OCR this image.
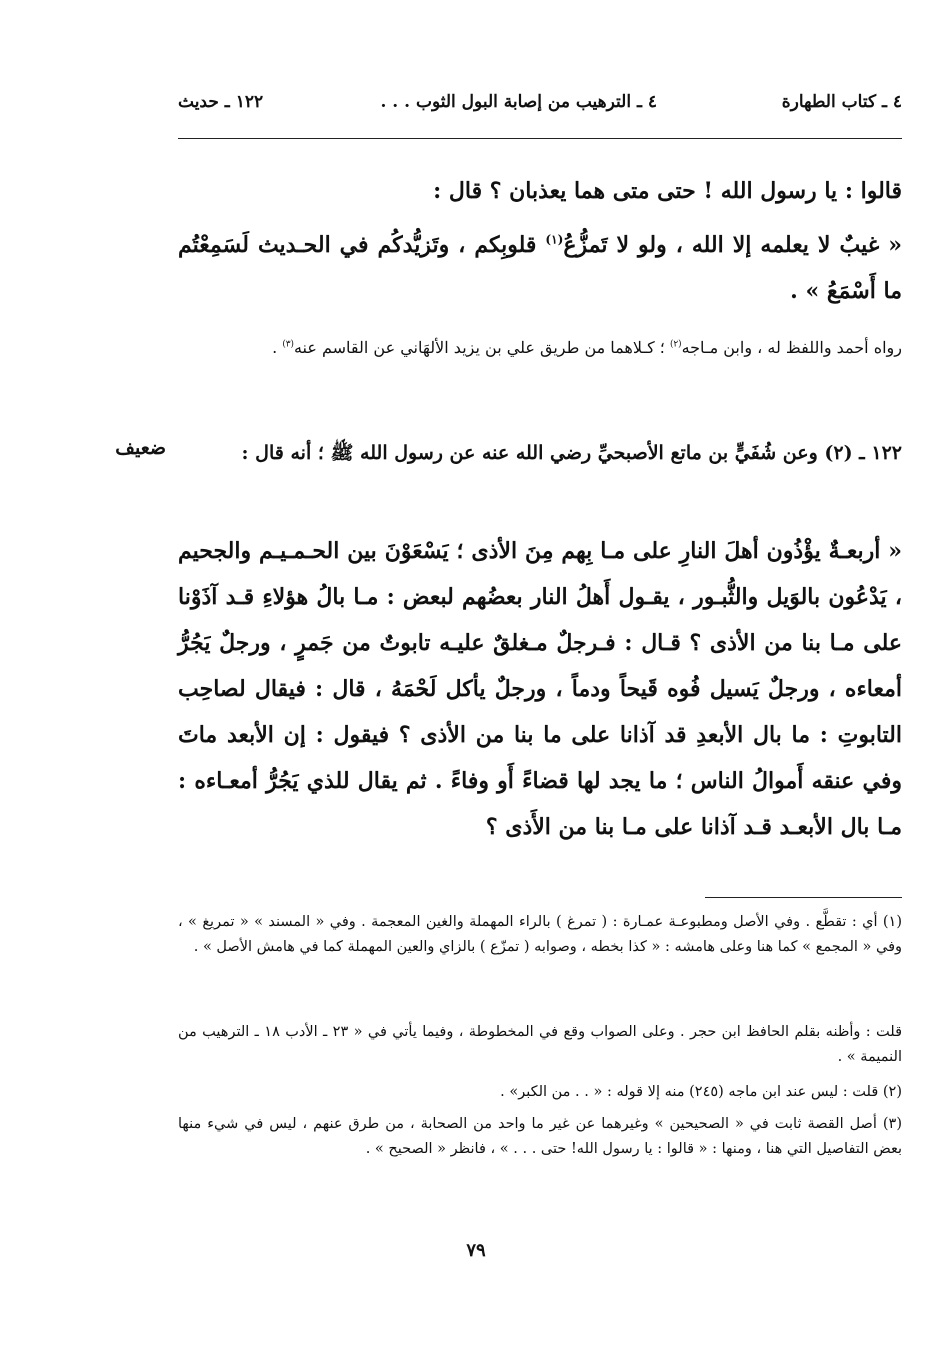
٤ ـ كتاب الطهارة
٤ ـ الترهيب من إصابة البول الثوب . . .
١٢٢ ـ حديث
قالوا : يا رسول الله ! حتى متى هما يعذبان ؟ قال :
« غيبٌ لا يعلمه إلا الله ، ولو لا تَمزُّعُ$^{(١)}$ قلوبِكم ، وتَزيُّدكُم في الحـديث لَسَمِعْتُم ما أَسْمَعُ » .
رواه أحمد واللفظ له ، وابن مـاجه$^{(٢)}$ ؛ كـلاهما من طريق علي بن يزيد الألهَاني عن القاسم عنه$^{(٣)}$ .
١٢٢ ـ (٢) وعن شُفَيٍّ بن ماتع الأصبحيِّ رضي الله عنه عن رسول الله ﷺ ؛ أنه قال :
ضعيف
« أربعـةٌ يؤْذُون أهلَ النارِ على مـا بِهم مِنَ الأذى ؛ يَسْعَوْنَ بين الحـمـيـم والجحيم ، يَدْعُون بالوَيل والثُّبـور ، يقـول أَهلُ النار بعضُهم لبعض : مـا بالُ هؤلاءِ قـد آذَوْنا على مـا بنا من الأذى ؟ قـال : فـرجلٌ مـغلقٌ عليـه تابوتٌ من جَمرٍ ، ورجلٌ يَجُرُّ أمعاءه ، ورجلٌ يَسيل فُوه قَيحاً ودماً ، ورجلٌ يأكل لَحْمَهُ ، قال : فيقال لصاحِب التابوتِ : ما بال الأبعدِ قد آذانا على ما بنا من الأذى ؟ فيقول : إن الأبعد ماتَ وفي عنقه أَموالُ الناس ؛ ما يجد لها قضاءً أَو وفاءً . ثم يقال للذي يَجُرُّ أمعـاءه : مـا بال الأبعـد قـد آذانا على مـا بنا من الأَذى ؟
(١) أي : تقطَّع . وفي الأصل ومطبوعـة عمـارة : ( تمرغ ) بالراء المهملة والغين المعجمة . وفي « المسند » « تمريغ » ، وفي « المجمع » كما هنا وعلى هامشه : « كذا بخطه ، وصوابه ( تمزّع ) بالزاي والعين المهملة كما في هامش الأصل » .
قلت : وأظنه بقلم الحافظ ابن حجر . وعلى الصواب وقع في المخطوطة ، وفيما يأتي في « ٢٣ ـ الأدب ١٨ ـ الترهيب من النميمة » .
(٢) قلت : ليس عند ابن ماجه (٢٤٥) منه إلا قوله : « . . من الكبر» .
(٣) أصل القصة ثابت في « الصحيحين » وغيرهما عن غير ما واحد من الصحابة ، من طرق عنهم ، ليس في شيء منها بعض التفاصيل التي هنا ، ومنها : « قالوا : يا رسول الله! حتى . . . » ، فانظر « الصحيح » .
٧٩
